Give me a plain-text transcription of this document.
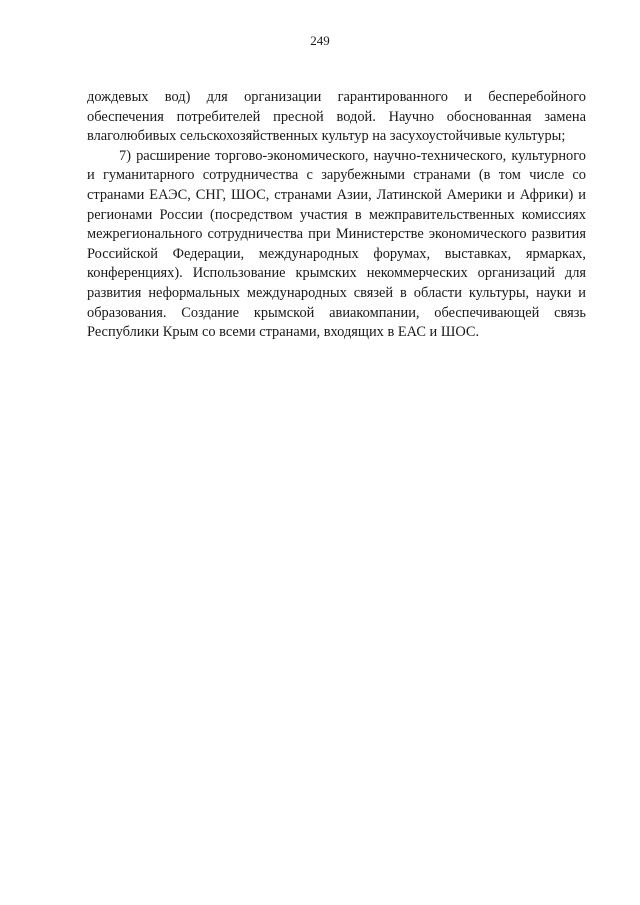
249

дождевых вод) для организации гарантированного и бесперебойного обеспечения потребителей пресной водой. Научно обоснованная замена влаголюбивых сельскохозяйственных культур на засухоустойчивые культуры;

7) расширение торгово-экономического, научно-технического, культурного и гуманитарного сотрудничества с зарубежными странами (в том числе со странами ЕАЭС, СНГ, ШОС, странами Азии, Латинской Америки и Африки) и регионами России (посредством участия в межправительственных комиссиях межрегионального сотрудничества при Министерстве экономического развития Российской Федерации, международных форумах, выставках, ярмарках, конференциях). Использование крымских некоммерческих организаций для развития неформальных международных связей в области культуры, науки и образования. Создание крымской авиакомпании, обеспечивающей связь Республики Крым со всеми странами, входящих в ЕАС и ШОС.
